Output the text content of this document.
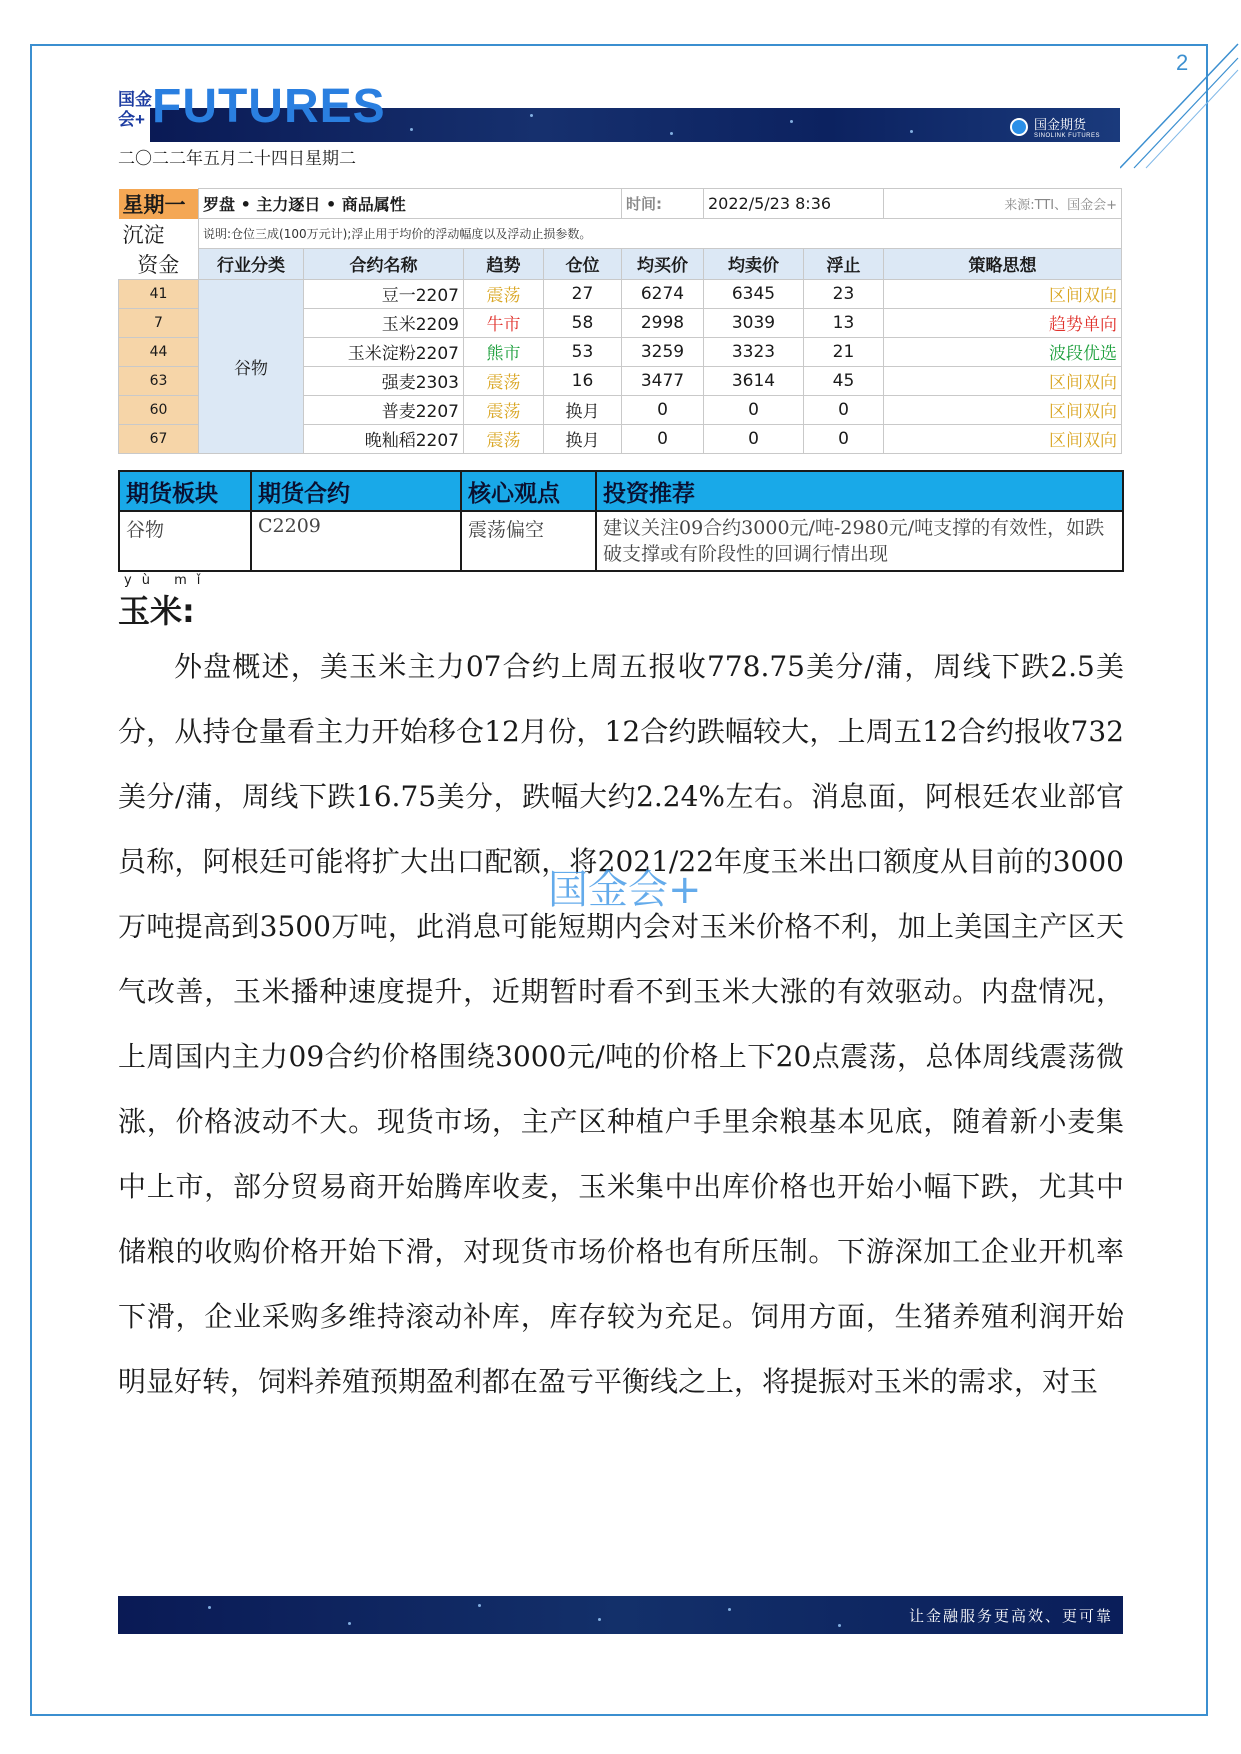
2
国金会+ FUTURES	国金期货
SINOLINK FUTURES
二〇二二年五月二十四日星期二
星期一	罗盘 • 主力逐日 • 商品属性				时间:	2022/5/23 8:36		来源:TTI、国金会+
沉淀	说明:仓位三成(100万元计);浮止用于均价的浮动幅度以及浮动止损参数。							
资金	行业分类	合约名称	趋势	仓位	均买价	均卖价	浮止	策略思想
41	谷物	豆一2207	震荡	27	6274	6345	23	区间双向
7		玉米2209	牛市	58	2998	3039	13	趋势单向
44		玉米淀粉2207	熊市	53	3259	3323	21	波段优选
63		强麦2303	震荡	16	3477	3614	45	区间双向
60		普麦2207	震荡	换月	0	0	0	区间双向
67		晚籼稻2207	震荡	换月	0	0	0	区间双向
期货板块	期货合约	核心观点	投资推荐
谷物	C2209	震荡偏空	建议关注09合约3000元/吨-2980元/吨支撑的有效性，如跌破支撑或有阶段性的回调行情出现
yù mǐ
玉米:

外盘概述，美玉米主力07合约上周五报收778.75美分/蒲，周线下跌2.5美分，从持仓量看主力开始移仓12月份，12合约跌幅较大，上周五12合约报收732美分/蒲，周线下跌16.75美分，跌幅大约2.24%左右。消息面，阿根廷农业部官员称，阿根廷可能将扩大出口配额，将2021/22年度玉米出口额度从目前的3000万吨提高到3500万吨，此消息可能短期内会对玉米价格不利，加上美国主产区天气改善，玉米播种速度提升，近期暂时看不到玉米大涨的有效驱动。内盘情况，上周国内主力09合约价格围绕3000元/吨的价格上下20点震荡，总体周线震荡微涨，价格波动不大。现货市场，主产区种植户手里余粮基本见底，随着新小麦集中上市，部分贸易商开始腾库收麦，玉米集中出库价格也开始小幅下跌，尤其中储粮的收购价格开始下滑，对现货市场价格也有所压制。下游深加工企业开机率下滑，企业采购多维持滚动补库，库存较为充足。饲用方面，生猪养殖利润开始明显好转，饲料养殖预期盈利都在盈亏平衡线之上，将提振对玉米的需求，对玉

国金会+
让金融服务更高效、更可靠
